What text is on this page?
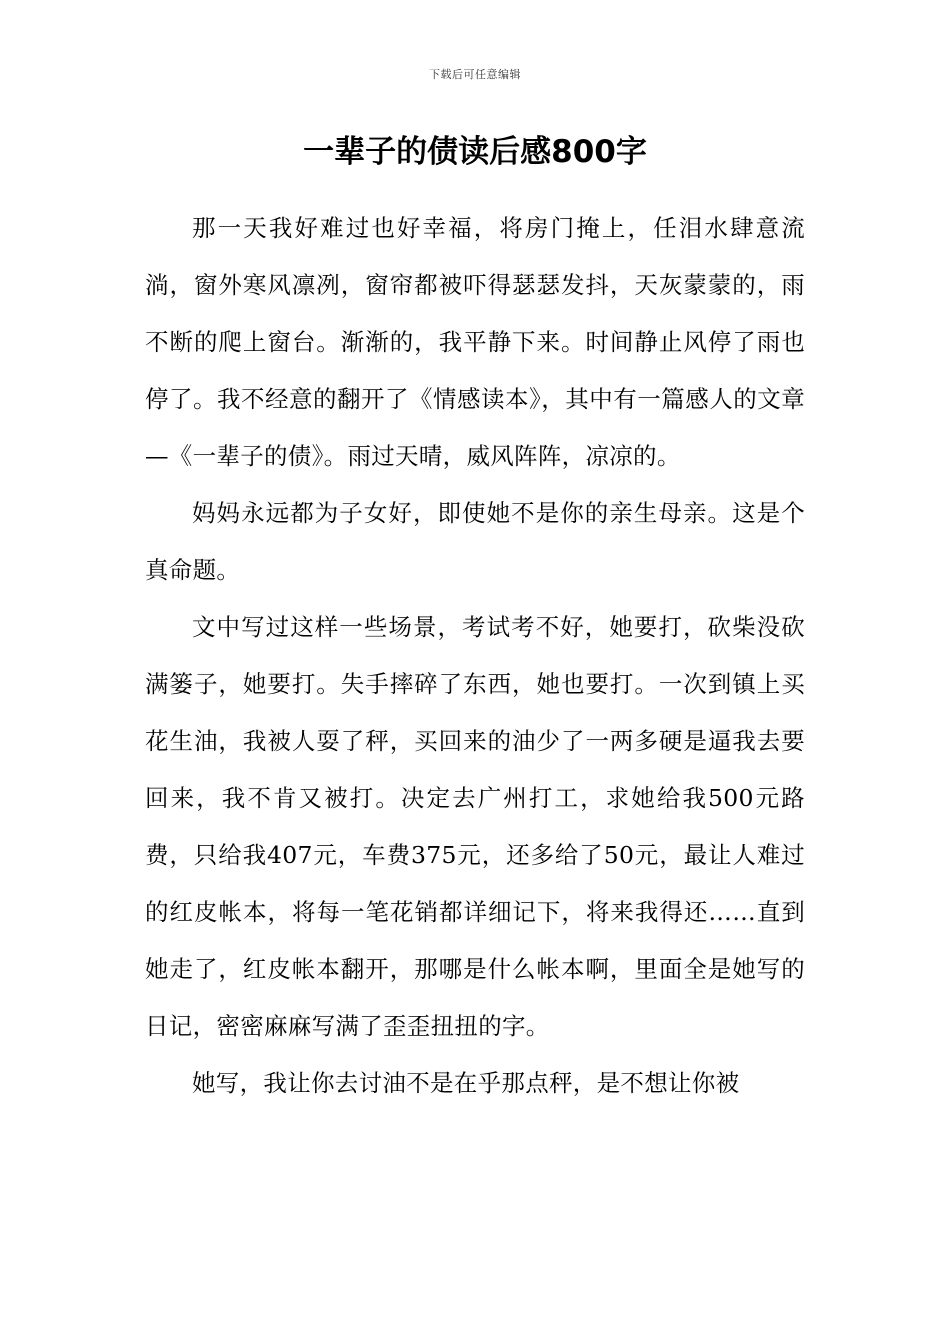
下载后可任意编辑
一辈子的债读后感800字

那一天我好难过也好幸福，将房门掩上，任泪水肆意流淌，窗外寒风凛冽，窗帘都被吓得瑟瑟发抖，天灰蒙蒙的，雨不断的爬上窗台。渐渐的，我平静下来。时间静止风停了雨也停了。我不经意的翻开了《情感读本》，其中有一篇感人的文章—《一辈子的债》。雨过天晴，威风阵阵，凉凉的。

妈妈永远都为子女好，即使她不是你的亲生母亲。这是个真命题。

文中写过这样一些场景，考试考不好，她要打，砍柴没砍满篓子，她要打。失手摔碎了东西，她也要打。一次到镇上买花生油，我被人耍了秤，买回来的油少了一两多硬是逼我去要回来，我不肯又被打。决定去广州打工，求她给我500元路费，只给我407元，车费375元，还多给了50元，最让人难过的红皮帐本，将每一笔花销都详细记下，将来我得还……直到她走了，红皮帐本翻开，那哪是什么帐本啊，里面全是她写的日记，密密麻麻写满了歪歪扭扭的字。

她写，我让你去讨油不是在乎那点秤，是不想让你被
